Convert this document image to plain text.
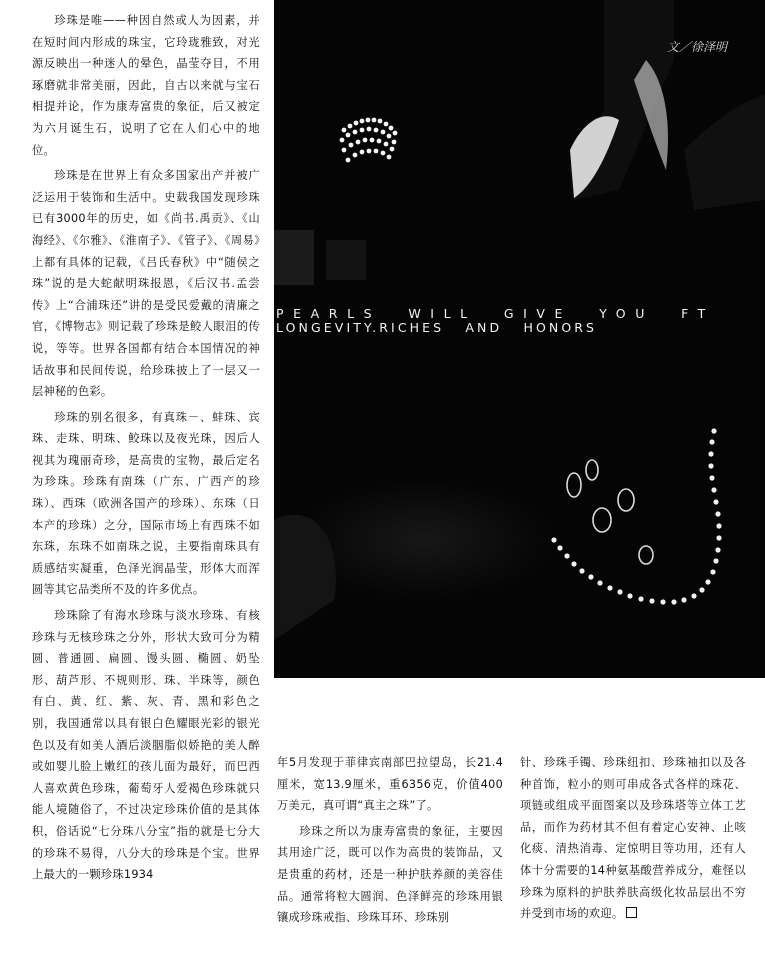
珍珠是唯——种因自然或人为因素，并在短时间内形成的珠宝，它玲珑雅致，对光源反映出一种迷人的晕色，晶莹夺目，不用琢磨就非常美丽，因此，自古以来就与宝石相提并论，作为康寿富贵的象征，后又被定为六月诞生石，说明了它在人们心中的地位。

珍珠是在世界上有众多国家出产并被广泛运用于装饰和生活中。史载我国发现珍珠已有3000年的历史，如《尚书.禹贡》、《山海经》、《尔雅》、《淮南子》、《管子》、《周易》上都有具体的记载，《吕氏春秋》中“随侯之珠”说的是大蛇献明珠报恩，《后汉书.孟尝传》上“合浦珠还”讲的是受民爱戴的清廉之官，《博物志》则记载了珍珠是鲛人眼泪的传说，等等。世界各国都有结合本国情况的神话故事和民间传说，给珍珠披上了一层又一层神秘的色彩。

珍珠的别名很多，有真珠－、蚌珠、宾珠、走珠、明珠、鲛珠以及夜光珠，因后人视其为瑰丽奇珍，是高贵的宝物，最后定名为珍珠。珍珠有南珠（广东、广西产的珍珠）、西珠（欧洲各国产的珍珠）、东珠（日本产的珍珠）之分，国际市场上有西珠不如东珠，东珠不如南珠之说，主要指南珠具有质感结实凝重，色泽光润晶莹，形体大而浑圆等其它品类所不及的许多优点。

珍珠除了有海水珍珠与淡水珍珠、有核珍珠与无核珍珠之分外，形状大致可分为精圆、普通圆、扁圆、馒头圆、椭圆、奶坠形、葫芦形、不规则形、珠、半珠等，颜色有白、黄、红、紫、灰、青、黑和彩色之别，我国通常以具有银白色耀眼光彩的银光色以及有如美人酒后淡胭脂似娇艳的美人醉或如婴儿脸上嫩红的孩儿面为最好，而巴西人喜欢黄色珍珠，葡萄牙人爱褐色珍珠就只能人境随俗了，不过决定珍珠价值的是其体积，俗话说“七分珠八分宝”指的就是七分大的珍珠不易得，八分大的珍珠是个宝。世界上最大的一颗珍珠1934

文／徐泽明
PEARLS  WILL  GIVE  YOU  FT
LONGEVITY.RICHES   AND   HONORS

年5月发现于菲律宾南部巴拉望岛，长21.4厘米，宽13.9厘米，重6356克，价值400万美元，真可谓“真主之珠”了。

珍珠之所以为康寿富贵的象征，主要因其用途广泛，既可以作为高贵的装饰品，又是贵重的药材，还是一种护肤养颜的美容佳品。通常将粒大圆润、色泽鲜亮的珍珠用银镶成珍珠戒指、珍珠耳环、珍珠别

针、珍珠手镯、珍珠纽扣、珍珠袖扣以及各种首饰，粒小的则可串成各式各样的珠花、项链或组成平面图案以及珍珠塔等立体工艺品，而作为药材其不但有着定心安神、止咳化痰、清热消毒、定惊明目等功用，还有人体十分需要的14种氨基酸营养成分，难怪以珍珠为原料的护肤养肤高级化妆品层出不穷并受到市场的欢迎。
